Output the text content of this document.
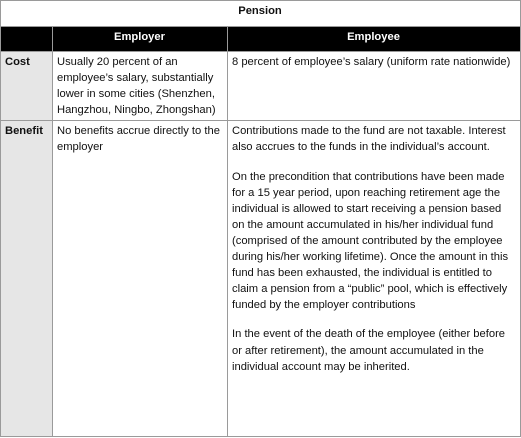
Pension		
	Employer	Employee
Cost	Usually 20 percent of an employee’s salary, substantially lower in some cities (Shenzhen, Hangzhou, Ningbo, Zhongshan)	8 percent of employee’s salary (uniform rate nationwide)

Benefit	No benefits accrue directly to the employer	Contributions made to the fund are not taxable. Interest also accrues to the funds in the individual’s account.

On the precondition that contributions have been made for a 15 year period, upon reaching retirement age the individual is allowed to start receiving a pension based on the amount accumulated in his/her individual fund (comprised of the amount contributed by the employee during his/her working lifetime). Once the amount in this fund has been exhausted, the individual is entitled to claim a pension from a “public” pool, which is effectively funded by the employer contributions

In the event of the death of the employee (either before or after retirement), the amount accumulated in the individual account may be inherited.
